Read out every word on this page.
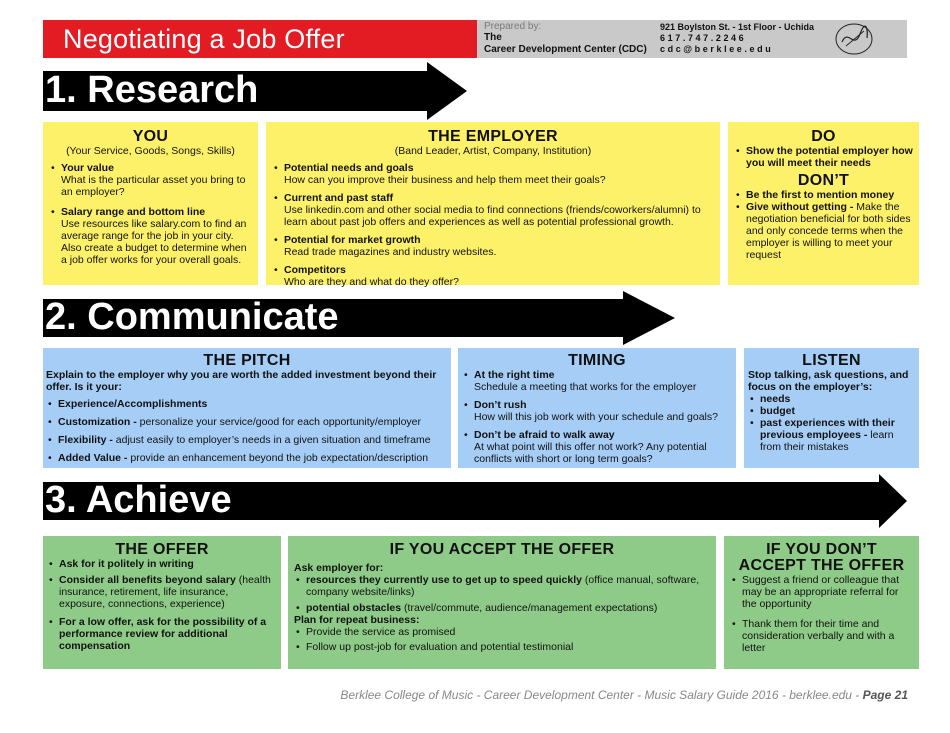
Negotiating a Job Offer	Prepared by:
The
Career Development Center (CDC)
921 Boylston St. - 1st Floor - Uchida
617.747.2246
cdc@berklee.edu
1. Research
YOU
(Your Service, Goods, Songs, Skills)
• Your value
What is the particular asset you bring to an employer?
• Salary range and bottom line
Use resources like salary.com to find an average range for the job in your city. Also create a budget to determine when a job offer works for your overall goals.
THE EMPLOYER
(Band Leader, Artist, Company, Institution)
• Potential needs and goals
How can you improve their business and help them meet their goals?
• Current and past staff
Use linkedin.com and other social media to find connections (friends/coworkers/alumni) to learn about past job offers and experiences as well as potential professional growth.
• Potential for market growth
Read trade magazines and industry websites.
• Competitors
Who are they and what do they offer?
DO
• Show the potential employer how you will meet their needs
DON’T
• Be the first to mention money
• Give without getting - Make the negotiation beneficial for both sides and only concede terms when the employer is willing to meet your request
2. Communicate
THE PITCH
Explain to the employer why you are worth the added investment beyond their offer. Is it your:
• Experience/Accomplishments
• Customization - personalize your service/good for each opportunity/employer
• Flexibility - adjust easily to employer’s needs in a given situation and timeframe
• Added Value - provide an enhancement beyond the job expectation/description
TIMING
• At the right time
Schedule a meeting that works for the employer
• Don’t rush
How will this job work with your schedule and goals?
• Don’t be afraid to walk away
At what point will this offer not work? Any potential conflicts with short or long term goals?
LISTEN
Stop talking, ask questions, and focus on the employer’s:
• needs
• budget
• past experiences with their previous employees - learn from their mistakes
3. Achieve
THE OFFER
• Ask for it politely in writing
• Consider all benefits beyond salary (health insurance, retirement, life insurance, exposure, connections, experience)
• For a low offer, ask for the possibility of a performance review for additional compensation
IF YOU ACCEPT THE OFFER
Ask employer for:
• resources they currently use to get up to speed quickly (office manual, software, company website/links)
• potential obstacles (travel/commute, audience/management expectations)
Plan for repeat business:
• Provide the service as promised
• Follow up post-job for evaluation and potential testimonial
IF YOU DON’T
ACCEPT THE OFFER
• Suggest a friend or colleague that may be an appropriate referral for the opportunity
• Thank them for their time and consideration verbally and with a letter
Berklee College of Music - Career Development Center - Music Salary Guide 2016 - berklee.edu - Page 21
